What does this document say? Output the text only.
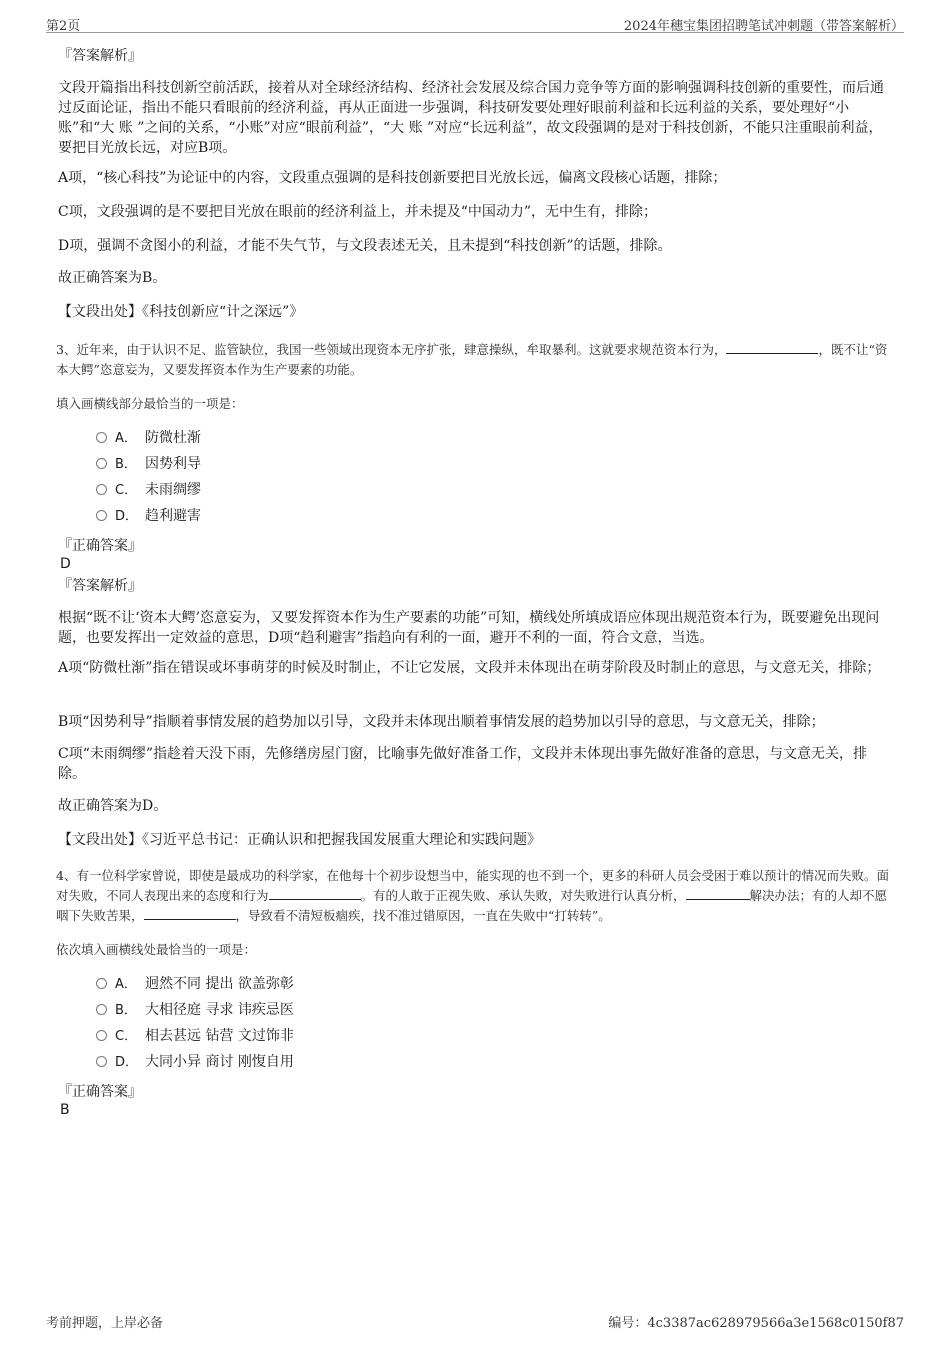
第2页	2024年穗宝集团招聘笔试冲刺题（带答案解析）
『答案解析』
文段开篇指出科技创新空前活跃，接着从对全球经济结构、经济社会发展及综合国力竞争等方面的影响强调科技创新的重要性，而后通过反面论证，指出不能只看眼前的经济利益，再从正面进一步强调，科技研发要处理好眼前利益和长远利益的关系，要处理好“小账”和“大 账 ”之间的关系，“小账”对应“眼前利益”，“大 账 ”对应“长远利益”，故文段强调的是对于科技创新，不能只注重眼前利益，要把目光放长远，对应B项。
A项，“核心科技”为论证中的内容，文段重点强调的是科技创新要把目光放长远，偏离文段核心话题，排除；
C项，文段强调的是不要把目光放在眼前的经济利益上，并未提及“中国动力”，无中生有，排除；
D项，强调不贪图小的利益，才能不失气节，与文段表述无关，且未提到“科技创新”的话题，排除。
故正确答案为B。
【文段出处】《科技创新应“计之深远”》
3、近年来，由于认识不足、监管缺位，我国一些领域出现资本无序扩张，肆意操纵，牟取暴利。这就要求规范资本行为，	，既不让“资本大鳄”恣意妄为，又要发挥资本作为生产要素的功能。
填入画横线部分最恰当的一项是：
A． 防微杜渐
B． 因势利导
C． 未雨绸缪
D． 趋利避害
『正确答案』
D
『答案解析』
根据“既不让‘资本大鳄’恣意妄为，又要发挥资本作为生产要素的功能”可知，横线处所填成语应体现出规范资本行为，既要避免出现问题，也要发挥出一定效益的意思，D项“趋利避害”指趋向有利的一面，避开不利的一面，符合文意，当选。
A项“防微杜渐”指在错误或坏事萌芽的时候及时制止，不让它发展，文段并未体现出在萌芽阶段及时制止的意思，与文意无关，排除；
B项“因势利导”指顺着事情发展的趋势加以引导，文段并未体现出顺着事情发展的趋势加以引导的意思，与文意无关，排除；
C项“未雨绸缪”指趁着天没下雨，先修缮房屋门窗，比喻事先做好准备工作，文段并未体现出事先做好准备的意思，与文意无关，排除。
故正确答案为D。
【文段出处】《习近平总书记：正确认识和把握我国发展重大理论和实践问题》
4、有一位科学家曾说，即使是最成功的科学家，在他每十个初步设想当中，能实现的也不到一个，更多的科研人员会受困于难以预计的情况而失败。面对失败，不同人表现出来的态度和行为	。有的人敢于正视失败、承认失败，对失败进行认真分析，	解决办法；有的人却不愿咽下失败苦果，	，导致看不清短板痼疾，找不准过错原因，一直在失败中“打转转”。
依次填入画横线处最恰当的一项是：
A． 迥然不同 提出 欲盖弥彰
B． 大相径庭 寻求 讳疾忌医
C． 相去甚远 钻营 文过饰非
D． 大同小异 商讨 刚愎自用
『正确答案』
B
考前押题，上岸必备	编号：4c3387ac628979566a3e1568c0150f87
